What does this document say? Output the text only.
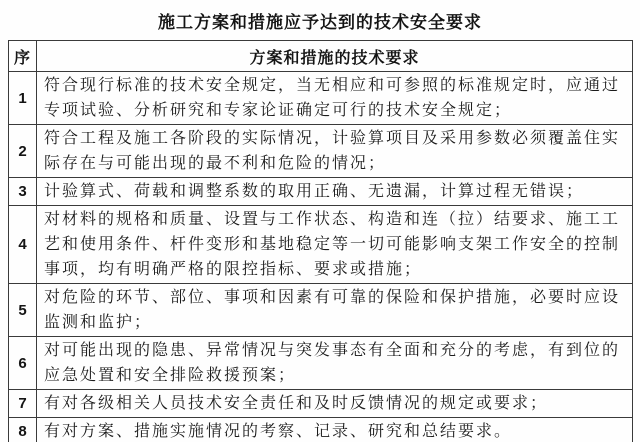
施工方案和措施应予达到的技术安全要求
序	方案和措施的技术要求
1	符合现行标准的技术安全规定，当无相应和可参照的标准规定时，应通过专项试验、分析研究和专家论证确定可行的技术安全规定；
2	符合工程及施工各阶段的实际情况，计验算项目及采用参数必须覆盖住实际存在与可能出现的最不利和危险的情况；
3	计验算式、荷载和调整系数的取用正确、无遗漏，计算过程无错误；
4	对材料的规格和质量、设置与工作状态、构造和连（拉）结要求、施工工艺和使用条件、杆件变形和基地稳定等一切可能影响支架工作安全的控制事项，均有明确严格的限控指标、要求或措施；
5	对危险的环节、部位、事项和因素有可靠的保险和保护措施，必要时应设监测和监护；
6	对可能出现的隐患、异常情况与突发事态有全面和充分的考虑，有到位的应急处置和安全排险救援预案；
7	有对各级相关人员技术安全责任和及时反馈情况的规定或要求；
8	有对方案、措施实施情况的考察、记录、研究和总结要求。
